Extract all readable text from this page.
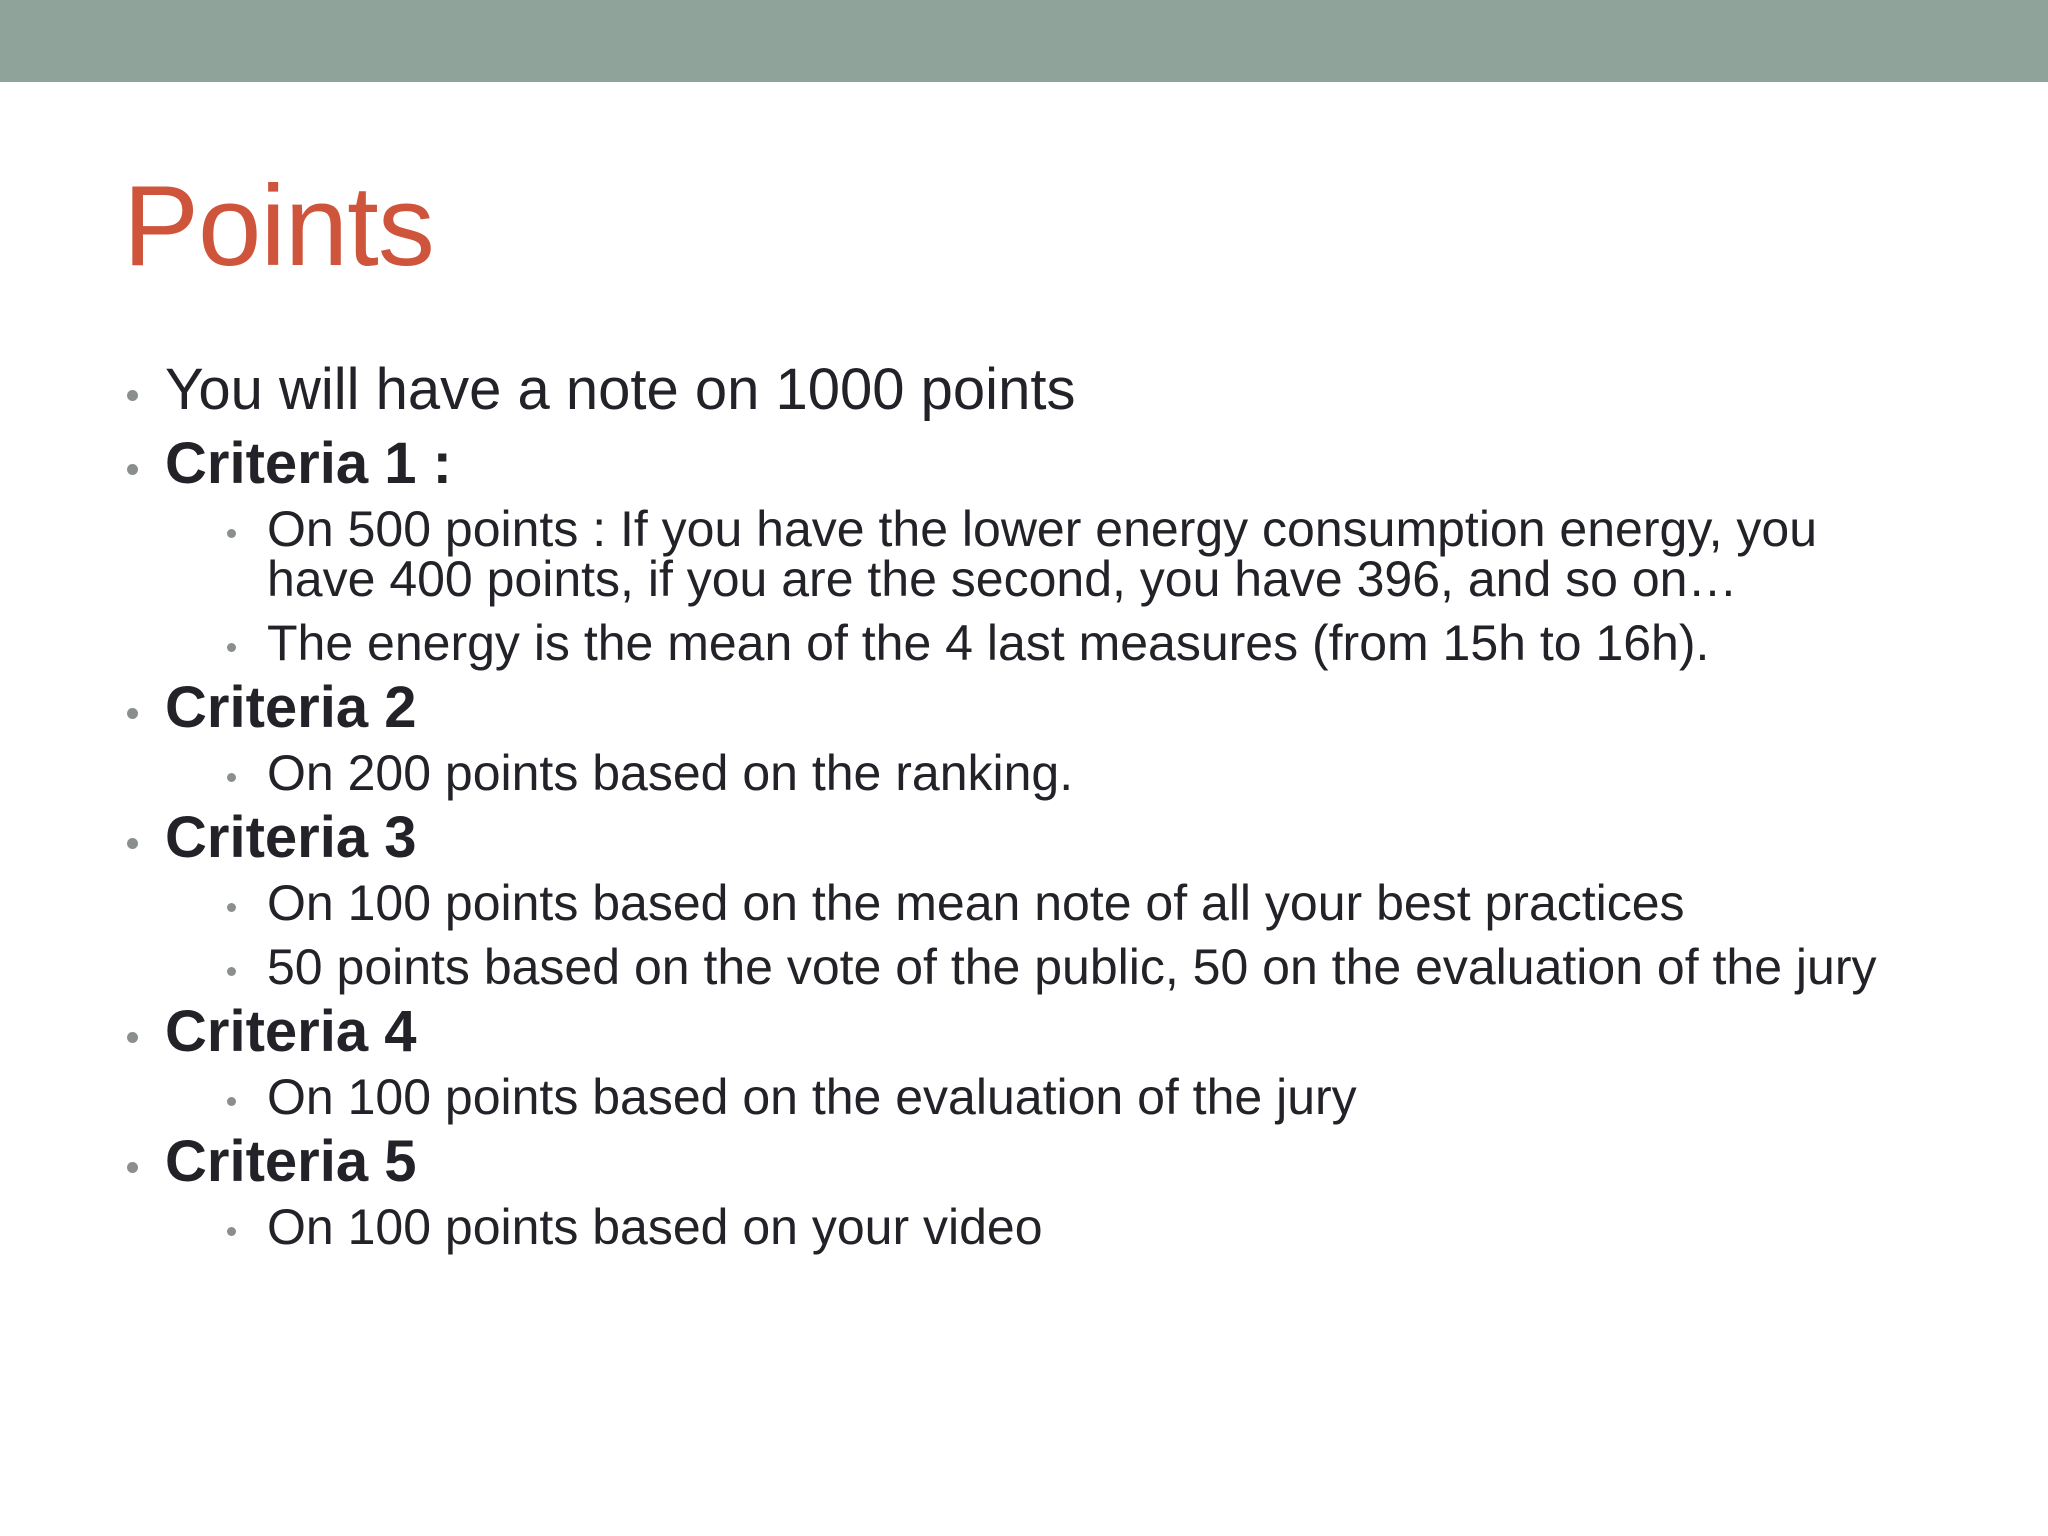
Points
You will have a note on 1000 points
Criteria 1 :
On 500 points : If you have the lower energy consumption energy, you have 400 points, if you are the second, you have 396, and so on…
The energy is the mean of the 4 last measures (from 15h to 16h).
Criteria 2
On 200 points based on the ranking.
Criteria 3
On 100 points based on the mean note of all your best practices
50 points based on the vote of the public, 50 on the evaluation of the jury
Criteria 4
On 100 points based on the evaluation of the jury
Criteria 5
On 100 points based on your video
